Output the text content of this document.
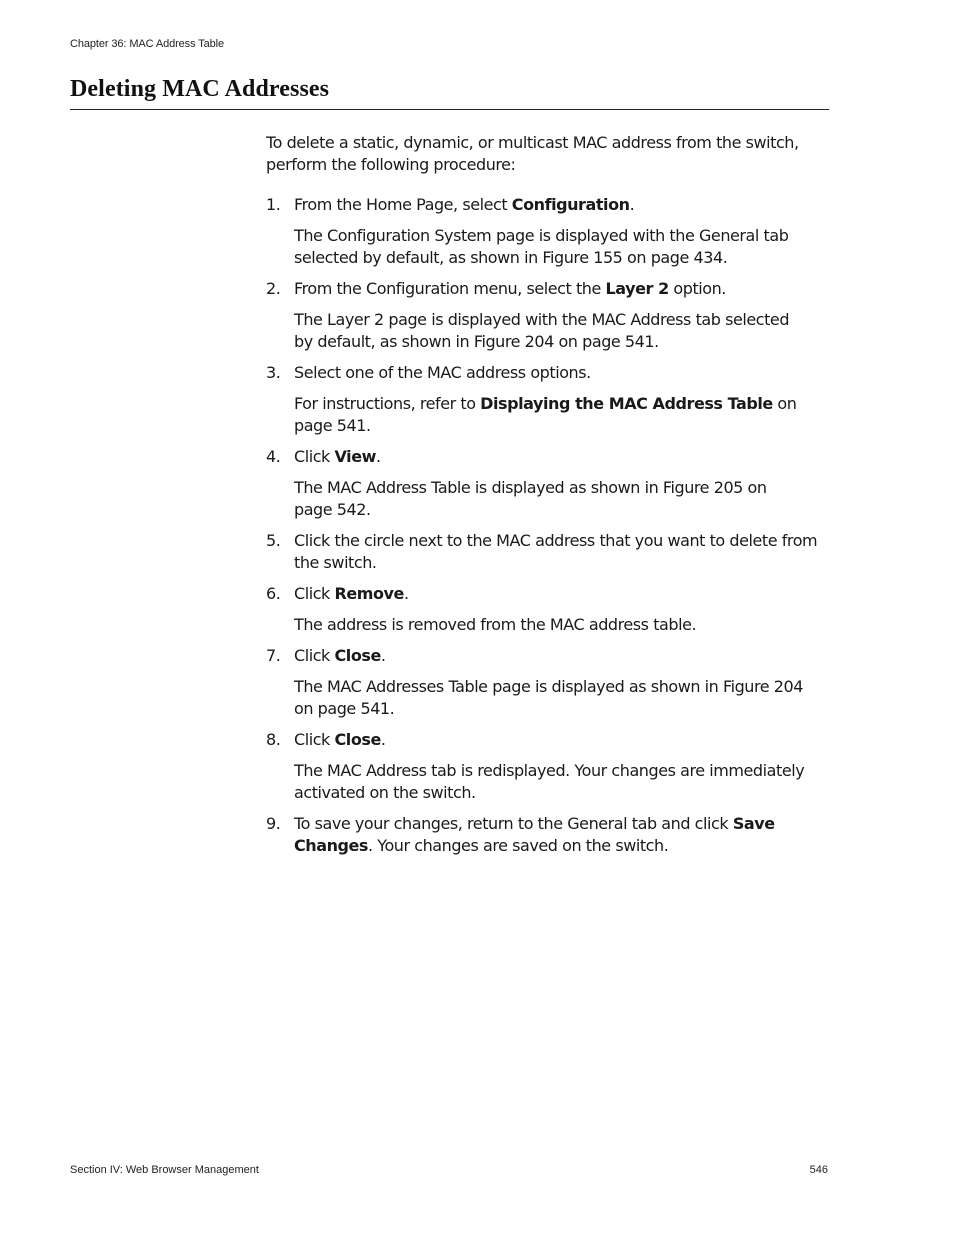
Chapter 36: MAC Address Table
Deleting MAC Addresses

To delete a static, dynamic, or multicast MAC address from the switch, perform the following procedure:

1. From the Home Page, select Configuration.

The Configuration System page is displayed with the General tab selected by default, as shown in Figure 155 on page 434.

2. From the Configuration menu, select the Layer 2 option.

The Layer 2 page is displayed with the MAC Address tab selected by default, as shown in Figure 204 on page 541.

3. Select one of the MAC address options.

For instructions, refer to Displaying the MAC Address Table on page 541.

4. Click View.

The MAC Address Table is displayed as shown in Figure 205 on page 542.

5. Click the circle next to the MAC address that you want to delete from the switch.

6. Click Remove.

The address is removed from the MAC address table.

7. Click Close.

The MAC Addresses Table page is displayed as shown in Figure 204 on page 541.

8. Click Close.

The MAC Address tab is redisplayed. Your changes are immediately activated on the switch.

9. To save your changes, return to the General tab and click Save Changes. Your changes are saved on the switch.

Section IV: Web Browser Management	546
